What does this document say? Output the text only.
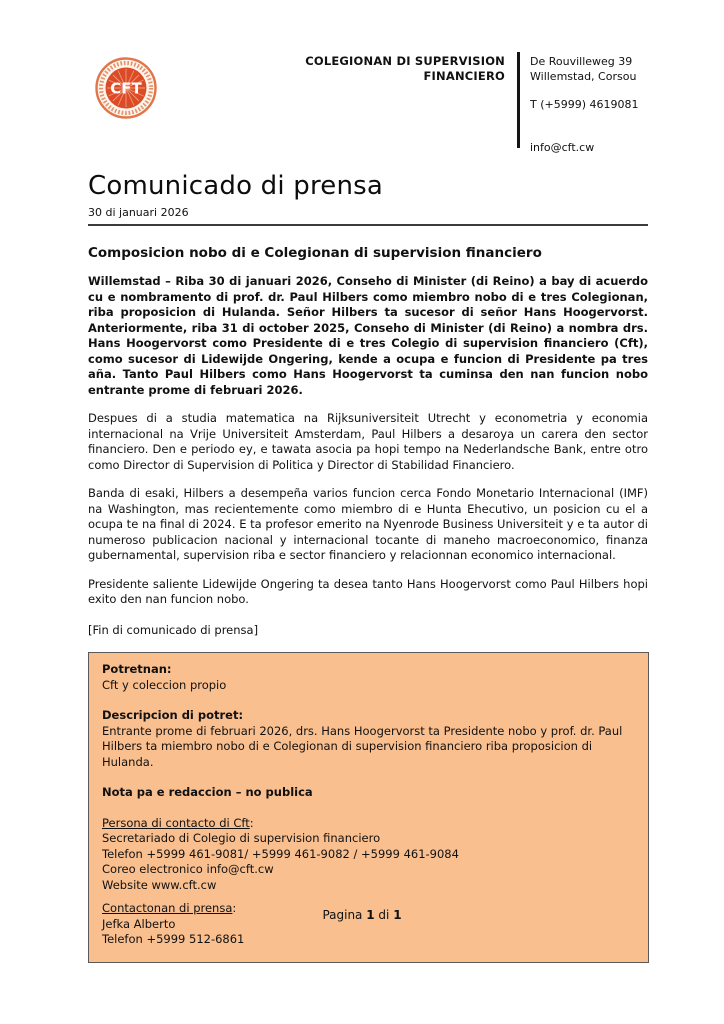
CFT
COLEGIONAN DI SUPERVISION
FINANCIERO
De Rouvilleweg 39
Willemstad, Corsou
T (+5999) 4619081
info@cft.cw
Comunicado di prensa
30 di januari 2026
Composicion nobo di e Colegionan di supervision financiero

Willemstad – Riba 30 di januari 2026, Conseho di Minister (di Reino) a bay di acuerdo cu e nombramento di prof. dr. Paul Hilbers como miembro nobo di e tres Colegionan, riba proposicion di Hulanda. Señor Hilbers ta sucesor di señor Hans Hoogervorst. Anteriormente, riba 31 di october 2025, Conseho di Minister (di Reino) a nombra drs. Hans Hoogervorst como Presidente di e tres Colegio di supervision financiero (Cft), como sucesor di Lidewijde Ongering, kende a ocupa e funcion di Presidente pa tres aña. Tanto Paul Hilbers como Hans Hoogervorst ta cuminsa den nan funcion nobo entrante prome di februari 2026.

Despues di a studia matematica na Rijksuniversiteit Utrecht y econometria y economia internacional na Vrije Universiteit Amsterdam, Paul Hilbers a desaroya un carera den sector financiero. Den e periodo ey, e tawata asocia pa hopi tempo na Nederlandsche Bank, entre otro como Director di Supervision di Politica y Director di Stabilidad Financiero.

Banda di esaki, Hilbers a desempeña varios funcion cerca Fondo Monetario Internacional (IMF) na Washington, mas recientemente como miembro di e Hunta Ehecutivo, un posicion cu el a ocupa te na final di 2024. E ta profesor emerito na Nyenrode Business Universiteit y e ta autor di numeroso publicacion nacional y internacional tocante di maneho macroeconomico, finanza gubernamental, supervision riba e sector financiero y relacionnan economico internacional.

Presidente saliente Lidewijde Ongering ta desea tanto Hans Hoogervorst como Paul Hilbers hopi exito den nan funcion nobo.

[Fin di comunicado di prensa]

Potretnan:
Cft y coleccion propio
Descripcion di potret:
Entrante prome di februari 2026, drs. Hans Hoogervorst ta Presidente nobo y prof. dr. Paul Hilbers ta miembro nobo di e Colegionan di supervision financiero riba proposicion di Hulanda.
Nota pa e redaccion – no publica
Persona di contacto di Cft:
Secretariado di Colegio di supervision financiero
Telefon +5999 461-9081/ +5999 461-9082 / +5999 461-9084
Coreo electronico info@cft.cw
Website www.cft.cw
Contactonan di prensa:
Jefka Alberto
Telefon +5999 512-6861
Pagina 1 di 1
